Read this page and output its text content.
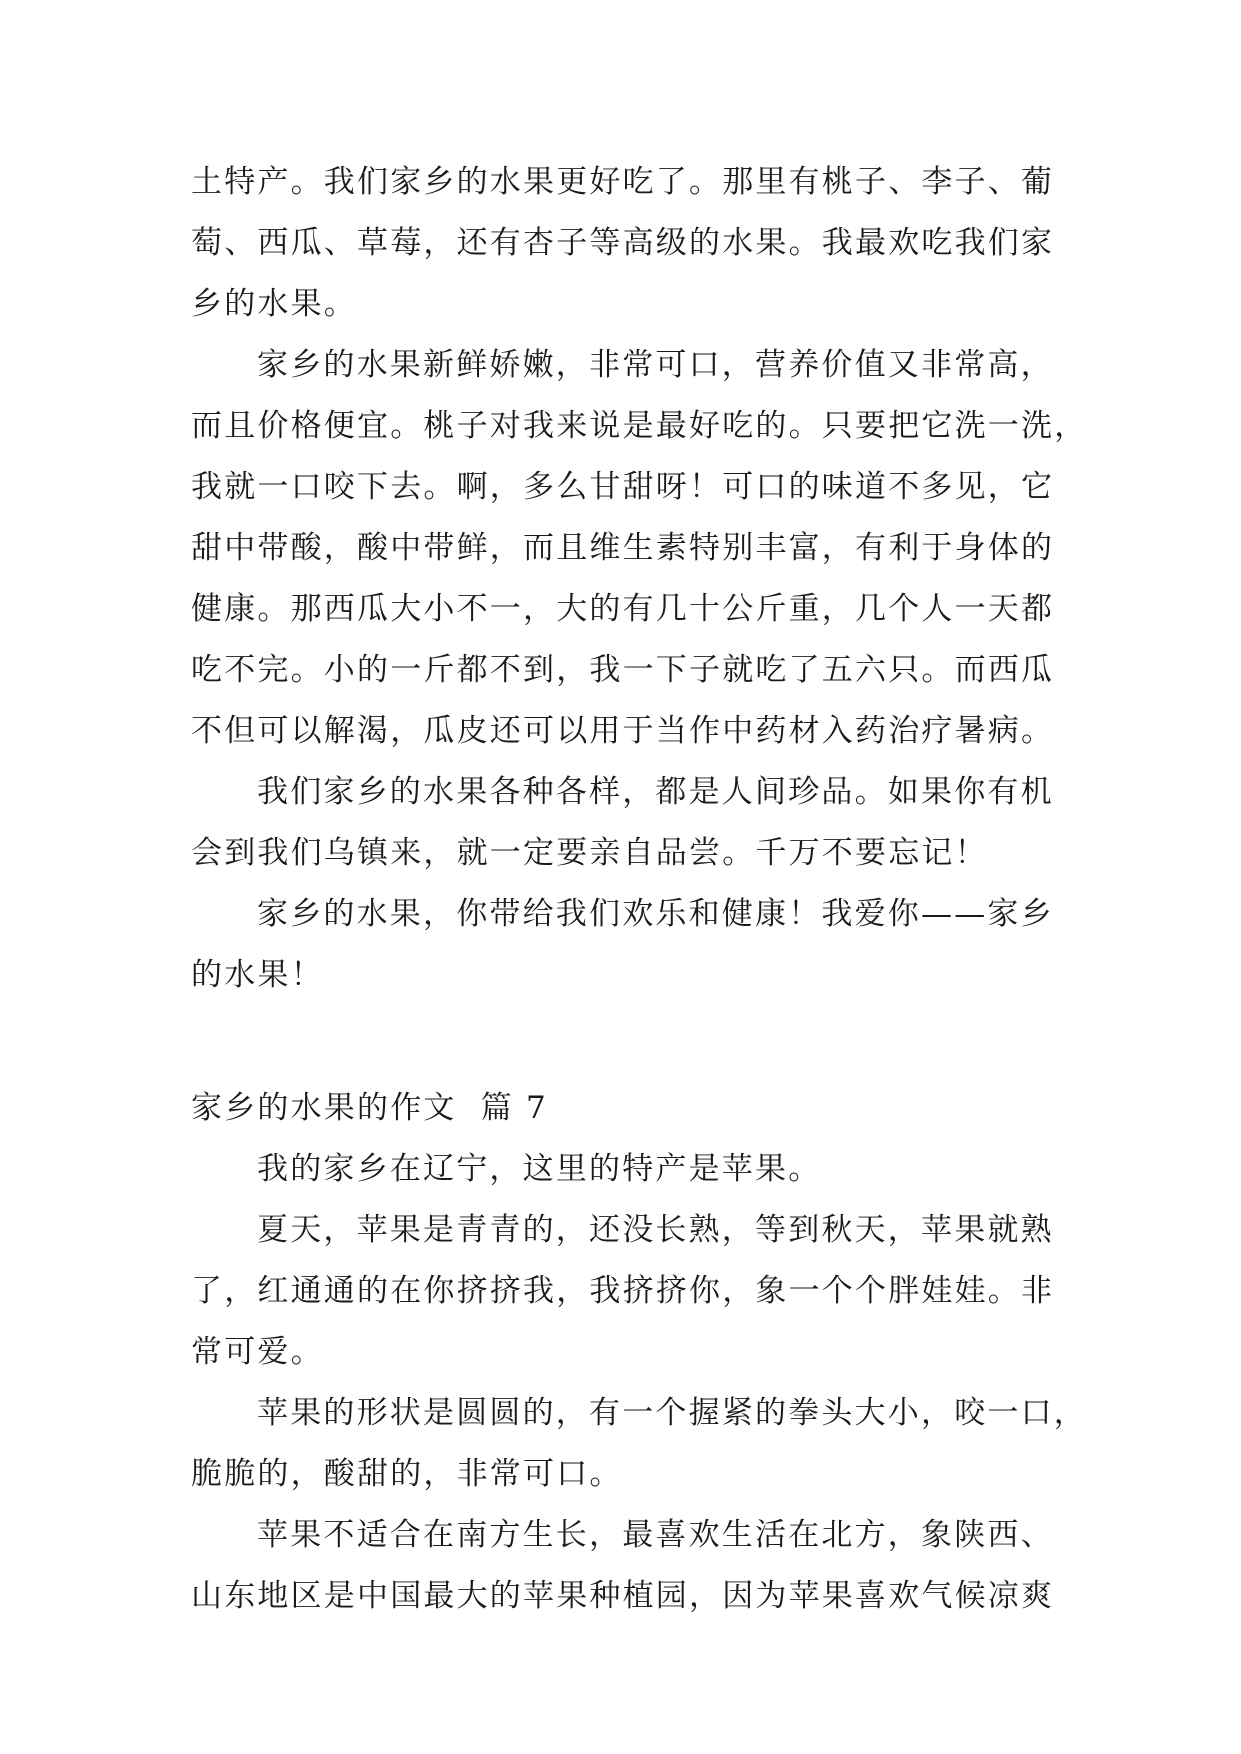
土特产。我们家乡的水果更好吃了。那里有桃子、李子、葡
萄、西瓜、草莓，还有杏子等高级的水果。我最欢吃我们家
乡的水果。
家乡的水果新鲜娇嫩，非常可口，营养价值又非常高，
而且价格便宜。桃子对我来说是最好吃的。只要把它洗一洗，
我就一口咬下去。啊，多么甘甜呀！可口的味道不多见，它
甜中带酸，酸中带鲜，而且维生素特别丰富，有利于身体的
健康。那西瓜大小不一，大的有几十公斤重，几个人一天都
吃不完。小的一斤都不到，我一下子就吃了五六只。而西瓜
不但可以解渴，瓜皮还可以用于当作中药材入药治疗暑病。
我们家乡的水果各种各样，都是人间珍品。如果你有机
会到我们乌镇来，就一定要亲自品尝。千万不要忘记！
家乡的水果，你带给我们欢乐和健康！我爱你——家乡
的水果！
家乡的水果的作文  篇 7
我的家乡在辽宁，这里的特产是苹果。
夏天，苹果是青青的，还没长熟，等到秋天，苹果就熟
了，红通通的在你挤挤我，我挤挤你，象一个个胖娃娃。非
常可爱。
苹果的形状是圆圆的，有一个握紧的拳头大小，咬一口，
脆脆的，酸甜的，非常可口。
苹果不适合在南方生长，最喜欢生活在北方，象陕西、
山东地区是中国最大的苹果种植园，因为苹果喜欢气候凉爽
